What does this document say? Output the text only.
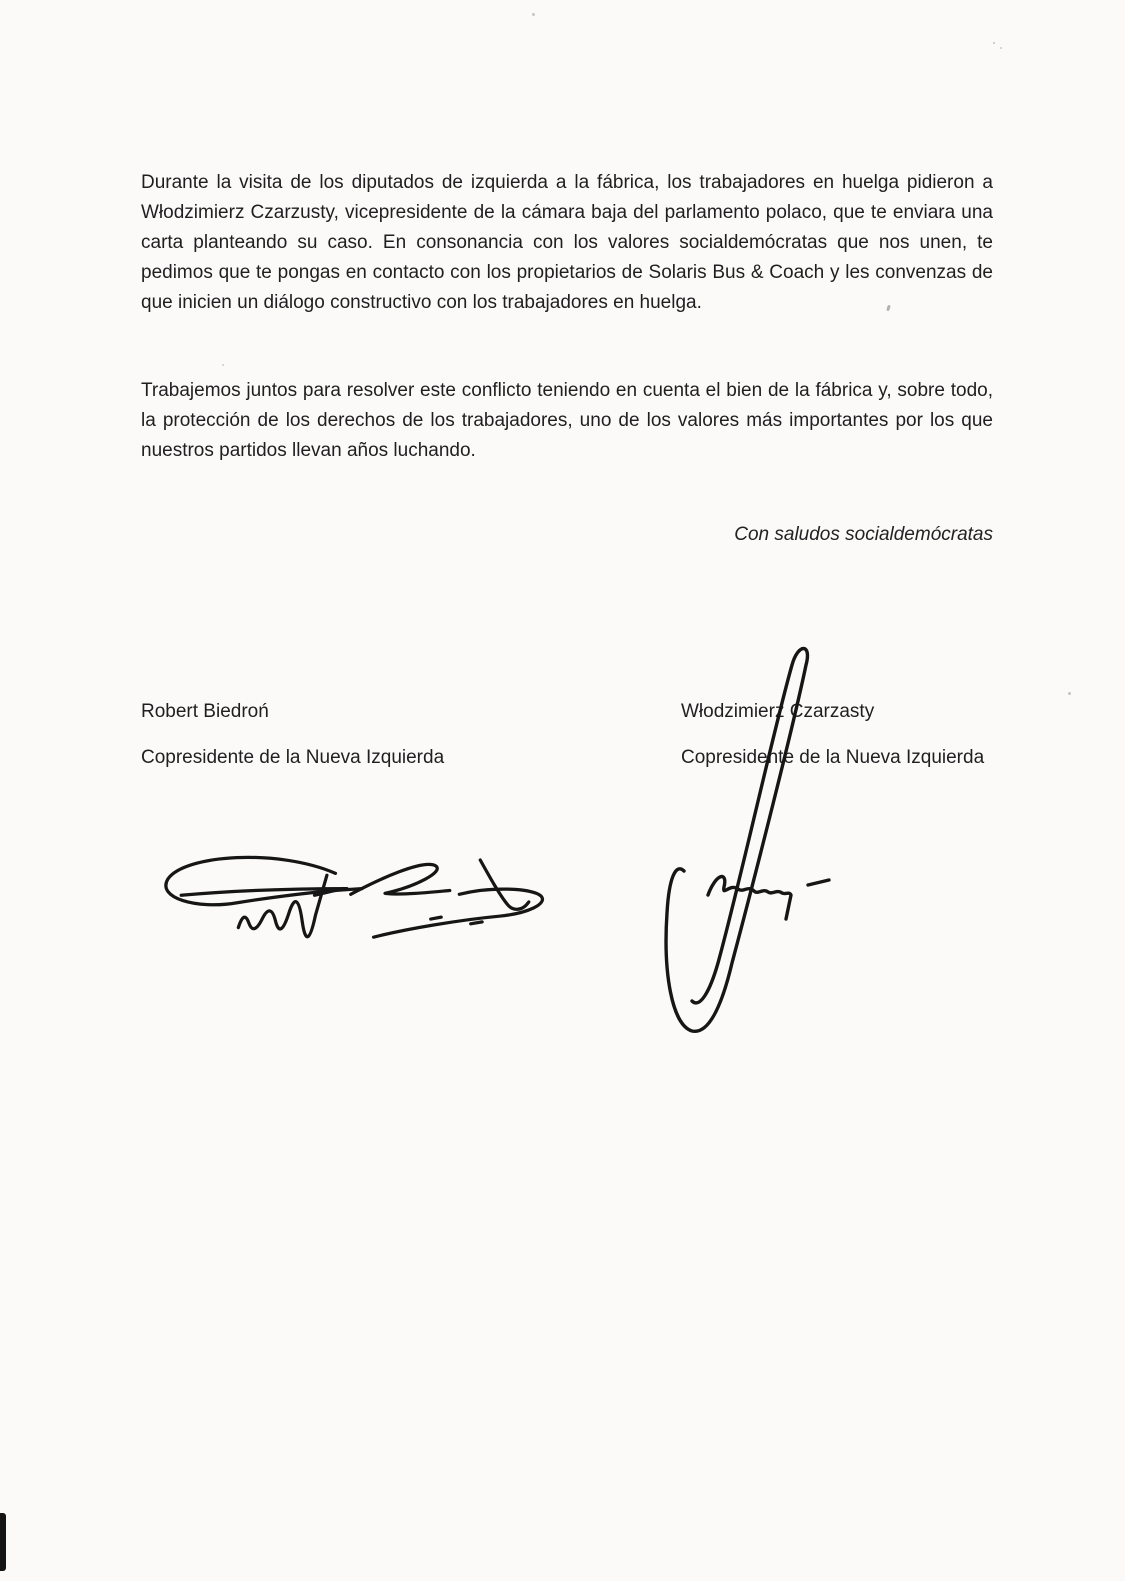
Durante la visita de los diputados de izquierda a la fábrica, los trabajadores en huelga pidieron a Włodzimierz Czarzusty, vicepresidente de la cámara baja del parlamento polaco, que te enviara una carta planteando su caso. En consonancia con los valores socialdemócratas que nos unen, te pedimos que te pongas en contacto con los propietarios de Solaris Bus & Coach y les convenzas de que inicien un diálogo constructivo con los trabajadores en huelga.

Trabajemos juntos para resolver este conflicto teniendo en cuenta el bien de la fábrica y, sobre todo, la protección de los derechos de los trabajadores, uno de los valores más importantes por los que nuestros partidos llevan años luchando.

Con saludos socialdemócratas

Robert Biedroń

Copresidente de la Nueva Izquierda

Włodzimierz Czarzasty

Copresidente de la Nueva Izquierda
